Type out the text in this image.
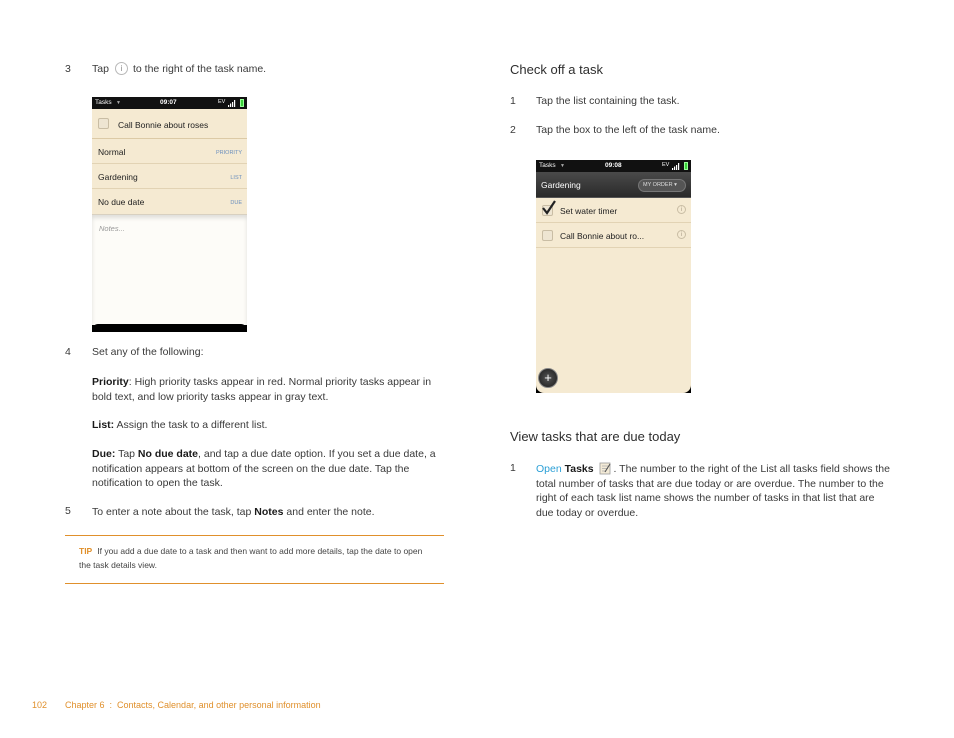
3 Tap	i	to the right of the task name.
Tasks ▼	09:07	EV
Call Bonnie about roses
Normal	PRIORITY
Gardening	LIST
No due date	DUE
Notes...
4 Set any of the following:
Priority: High priority tasks appear in red. Normal priority tasks appear in bold text, and low priority tasks appear in gray text.
List: Assign the task to a different list.
Due: Tap No due date, and tap a due date option. If you set a due date, a notification appears at bottom of the screen on the due date. Tap the notification to open the task.
5 To enter a note about the task, tap Notes and enter the note.
TIP If you add a due date to a task and then want to add more details, tap the date to open the task details view.
Check off a task
1 Tap the list containing the task.
2 Tap the box to the left of the task name.
Tasks ▼	09:08	EV
Gardening	MY ORDER ▾
Set water timer	i
Call Bonnie about ro...	i
+
View tasks that are due today
1 Open Tasks . The number to the right of the List all tasks field shows the total number of tasks that are due today or are overdue. The number to the right of each task list name shows the number of tasks in that list that are due today or overdue.
102 Chapter 6  :  Contacts, Calendar, and other personal information
